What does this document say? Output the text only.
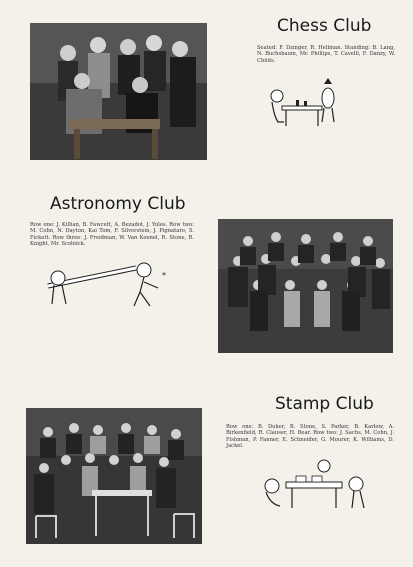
Chess Club

Seated: F. Dzinger, R. Hellman. Standing: B. Lang, N. Buchsbaum, Mr. Phillips, T. Cavelli, F. Danzy, W. Childs.

Astronomy Club

Row one: J. Killian, B. Fawcett, A. Bezadot, J. Yules. Row two: M. Cohn, N. Dayton, Kai Tom, F. Silverstein, J. Pignataro, S. Fickett. Row three: J. Freidman, W. Van Koenel, R. Stone, R. Knight, Mr. Scolnick.

*
Stamp Club

Row one: B. Duker, B. Stone, S. Parker, B. Karlow, A. Birkenfield, R. Clauser, H. Bear. Row two: J. Sachs, M. Cohn, J. Fishman, P. Fanner, E. Schneider, G. Mourer, K. Williams, D. Jackel.
